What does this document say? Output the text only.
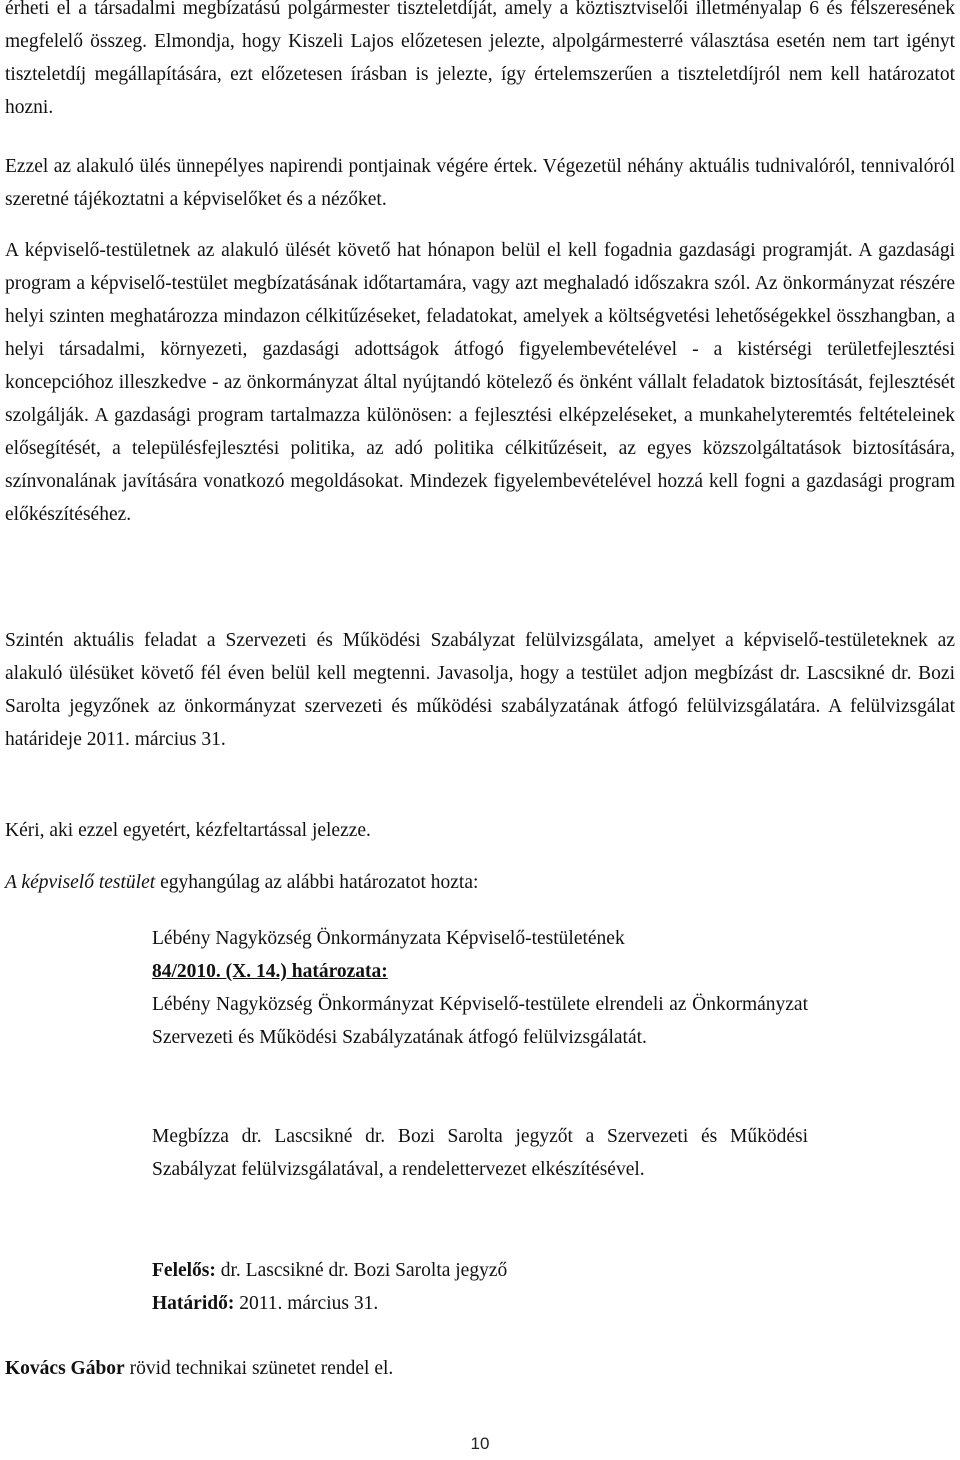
érheti el a társadalmi megbízatású polgármester tiszteletdíját, amely a köztisztviselői illetményalap 6 és félszeresének megfelelő összeg. Elmondja, hogy Kiszeli Lajos előzetesen jelezte, alpolgármesterré választása esetén nem tart igényt tiszteletdíj megállapítására, ezt előzetesen írásban is jelezte, így értelemszerűen a tiszteletdíjról nem kell határozatot hozni.

Ezzel az alakuló ülés ünnepélyes napirendi pontjainak végére értek. Végezetül néhány aktuális tudnivalóról, tennivalóról szeretné tájékoztatni a képviselőket és a nézőket.

A képviselő-testületnek az alakuló ülését követő hat hónapon belül el kell fogadnia gazdasági programját. A gazdasági program a képviselő-testület megbízatásának időtartamára, vagy azt meghaladó időszakra szól. Az önkormányzat részére helyi szinten meghatározza mindazon célkitűzéseket, feladatokat, amelyek a költségvetési lehetőségekkel összhangban, a helyi társadalmi, környezeti, gazdasági adottságok átfogó figyelembevételével - a kistérségi területfejlesztési koncepcióhoz illeszkedve - az önkormányzat által nyújtandó kötelező és önként vállalt feladatok biztosítását, fejlesztését szolgálják. A gazdasági program tartalmazza különösen: a fejlesztési elképzeléseket, a munkahelyteremtés feltételeinek elősegítését, a településfejlesztési politika, az adó politika célkitűzéseit, az egyes közszolgáltatások biztosítására, színvonalának javítására vonatkozó megoldásokat. Mindezek figyelembevételével hozzá kell fogni a gazdasági program előkészítéséhez.

Szintén aktuális feladat a Szervezeti és Működési Szabályzat felülvizsgálata, amelyet a képviselő-testületeknek az alakuló ülésüket követő fél éven belül kell megtenni. Javasolja, hogy a testület adjon megbízást dr. Lascsikné dr. Bozi Sarolta jegyzőnek az önkormányzat szervezeti és működési szabályzatának átfogó felülvizsgálatára. A felülvizsgálat határideje 2011. március 31.

Kéri, aki ezzel egyetért, kézfeltartással jelezze.

A képviselő testület egyhangúlag az alábbi határozatot hozta:

Lébény Nagyközség Önkormányzata Képviselő-testületének
84/2010. (X. 14.) határozata:

Lébény Nagyközség Önkormányzat Képviselő-testülete elrendeli az Önkormányzat Szervezeti és Működési Szabályzatának átfogó felülvizsgálatát.

Megbízza dr. Lascsikné dr. Bozi Sarolta jegyzőt a Szervezeti és Működési Szabályzat felülvizsgálatával, a rendelettervezet elkészítésével.

Felelős: dr. Lascsikné dr. Bozi Sarolta jegyző
Határidő: 2011. március 31.

Kovács Gábor rövid technikai szünetet rendel el.

10
